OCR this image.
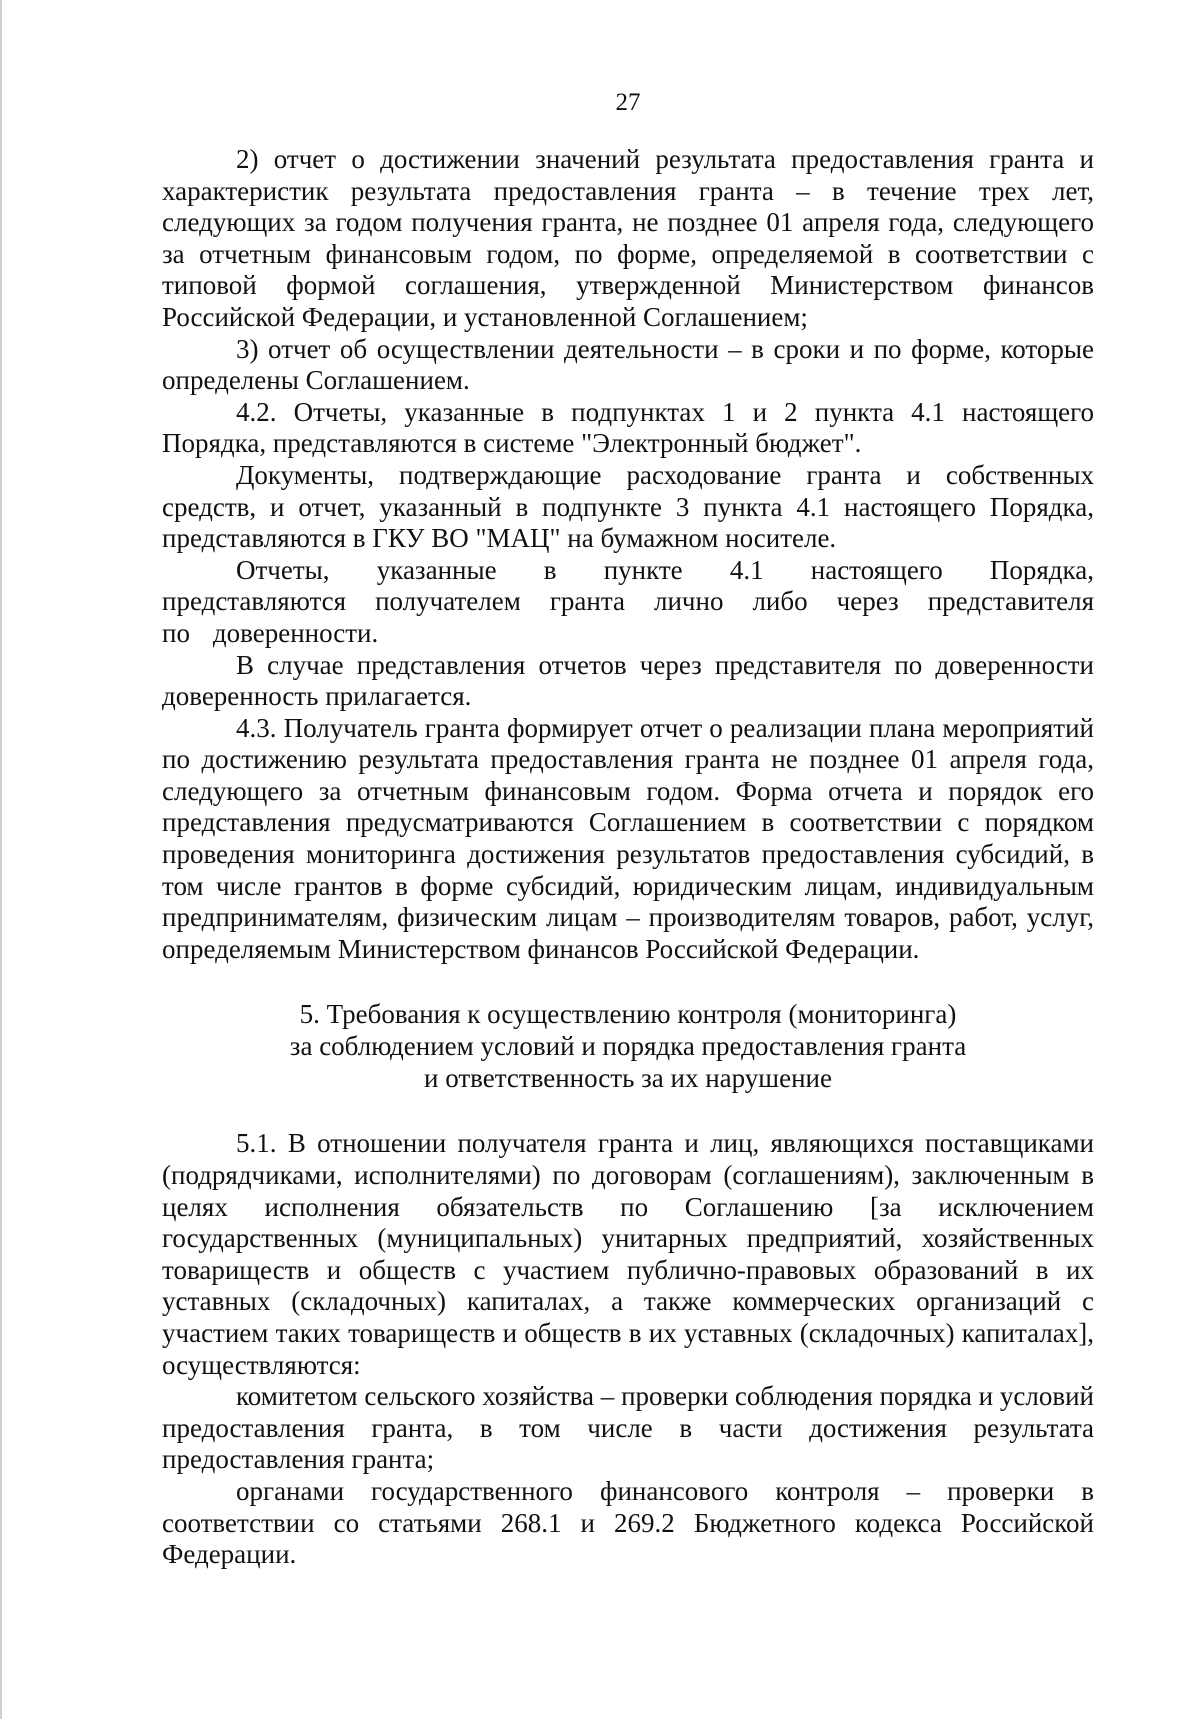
27

2) отчет о достижении значений результата предоставления гранта и характеристик результата предоставления гранта – в течение трех лет, следующих за годом получения гранта, не позднее 01 апреля года, следующего за отчетным финансовым годом, по форме, определяемой в соответствии с типовой формой соглашения, утвержденной Министерством финансов Российской Федерации, и установленной Соглашением;

3) отчет об осуществлении деятельности – в сроки и по форме, которые определены Соглашением.

4.2. Отчеты, указанные в подпунктах 1 и 2 пункта 4.1 настоящего Порядка, представляются в системе "Электронный бюджет".

Документы, подтверждающие расходование гранта и собственных средств, и отчет, указанный в подпункте 3 пункта 4.1 настоящего Порядка, представляются в ГКУ ВО "МАЦ" на бумажном носителе.

Отчеты, указанные в пункте 4.1 настоящего Порядка, представляются получателем гранта лично либо через представителя по доверенности.

В случае представления отчетов через представителя по доверенности доверенность прилагается.

4.3. Получатель гранта формирует отчет о реализации плана мероприятий по достижению результата предоставления гранта не позднее 01 апреля года, следующего за отчетным финансовым годом. Форма отчета и порядок его представления предусматриваются Соглашением в соответствии с порядком проведения мониторинга достижения результатов предоставления субсидий, в том числе грантов в форме субсидий, юридическим лицам, индивидуальным предпринимателям, физическим лицам – производителям товаров, работ, услуг, определяемым Министерством финансов Российской Федерации.

5. Требования к осуществлению контроля (мониторинга)
за соблюдением условий и порядка предоставления гранта
и ответственность за их нарушение

5.1. В отношении получателя гранта и лиц, являющихся поставщиками (подрядчиками, исполнителями) по договорам (соглашениям), заключенным в целях исполнения обязательств по Соглашению [за исключением государственных (муниципальных) унитарных предприятий, хозяйственных товариществ и обществ с участием публично-правовых образований в их уставных (складочных) капиталах, а также коммерческих организаций с участием таких товариществ и обществ в их уставных (складочных) капиталах], осуществляются:

комитетом сельского хозяйства – проверки соблюдения порядка и условий предоставления гранта, в том числе в части достижения результата предоставления гранта;

органами государственного финансового контроля – проверки в соответствии со статьями 268.1 и 269.2 Бюджетного кодекса Российской Федерации.
